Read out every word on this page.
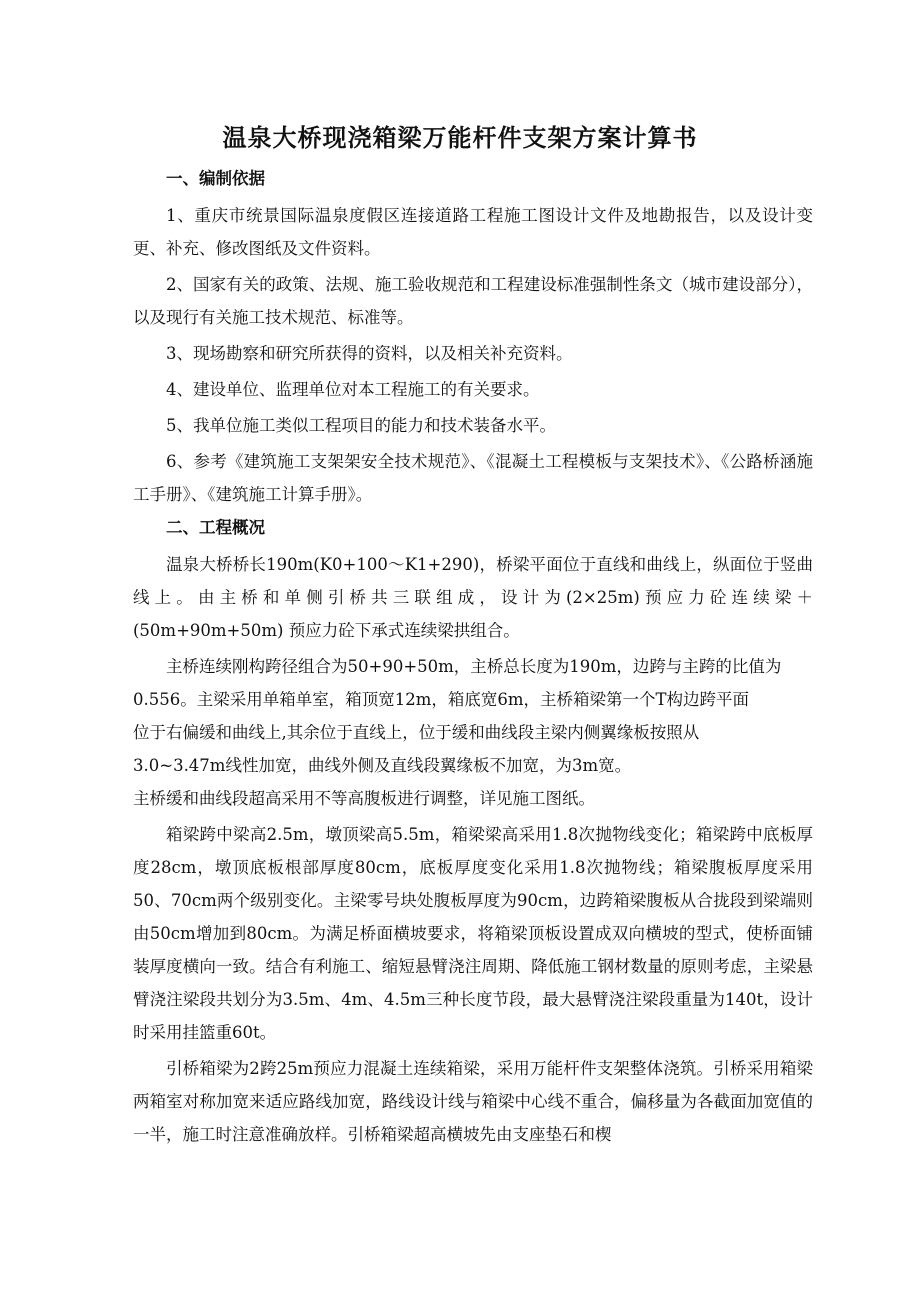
温泉大桥现浇箱梁万能杆件支架方案计算书
一、编制依据

1、重庆市统景国际温泉度假区连接道路工程施工图设计文件及地勘报告，以及设计变更、补充、修改图纸及文件资料。

2、国家有关的政策、法规、施工验收规范和工程建设标准强制性条文（城市建设部分），以及现行有关施工技术规范、标准等。

3、现场勘察和研究所获得的资料，以及相关补充资料。

4、建设单位、监理单位对本工程施工的有关要求。

5、我单位施工类似工程项目的能力和技术装备水平。

6、参考《建筑施工支架架安全技术规范》、《混凝土工程模板与支架技术》、《公路桥涵施工手册》、《建筑施工计算手册》。

二、工程概况

温泉大桥桥长190m(K0+100～K1+290)，桥梁平面位于直线和曲线上，纵面位于竖曲线上。由主桥和单侧引桥共三联组成，设计为(2×25m)预应力砼连续梁＋(50m+90m+50m) 预应力砼下承式连续梁拱组合。

主桥连续刚构跨径组合为50+90+50m，主桥总长度为190m，边跨与主跨的比值为
0.556。主梁采用单箱单室，箱顶宽12m，箱底宽6m，主桥箱梁第一个T构边跨平面
位于右偏缓和曲线上,其余位于直线上，位于缓和曲线段主梁内侧翼缘板按照从
3.0~3.47m线性加宽，曲线外侧及直线段翼缘板不加宽，为3m宽。
主桥缓和曲线段超高采用不等高腹板进行调整，详见施工图纸。

箱梁跨中梁高2.5m，墩顶梁高5.5m，箱梁梁高采用1.8次抛物线变化；箱梁跨中底板厚度28cm，墩顶底板根部厚度80cm，底板厚度变化采用1.8次抛物线；箱梁腹板厚度采用50、70cm两个级别变化。主梁零号块处腹板厚度为90cm，边跨箱梁腹板从合拢段到梁端则由50cm增加到80cm。为满足桥面横坡要求，将箱梁顶板设置成双向横坡的型式，使桥面铺装厚度横向一致。结合有利施工、缩短悬臂浇注周期、降低施工钢材数量的原则考虑，主梁悬臂浇注梁段共划分为3.5m、4m、4.5m三种长度节段，最大悬臂浇注梁段重量为140t，设计时采用挂篮重60t。

引桥箱梁为2跨25m预应力混凝土连续箱梁，采用万能杆件支架整体浇筑。引桥采用箱梁两箱室对称加宽来适应路线加宽，路线设计线与箱梁中心线不重合，偏移量为各截面加宽值的一半，施工时注意准确放样。引桥箱梁超高横坡先由支座垫石和楔
